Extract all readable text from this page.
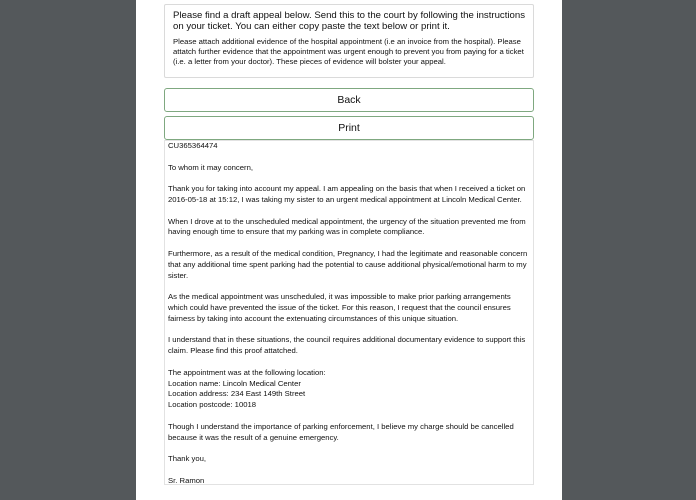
Please find a draft appeal below. Send this to the court by following the instructions on your ticket. You can either copy paste the text below or print it.

Please attach additional evidence of the hospital appointment (i.e an invoice from the hospital). Please attatch further evidence that the appointment was urgent enough to prevent you from paying for a ticket (i.e. a letter from your doctor). These pieces of evidence will bolster your appeal.

Back
Print

CU365364474

To whom it may concern,

Thank you for taking into account my appeal. I am appealing on the basis that when I received a ticket on 2016-05-18 at 15:12, I was taking my sister to an urgent medical appointment at Lincoln Medical Center.

When I drove at to the unscheduled medical appointment, the urgency of the situation prevented me from having enough time to ensure that my parking was in complete compliance.

Furthermore, as a result of the medical condition, Pregnancy, I had the legitimate and reasonable concern that any additional time spent parking had the potential to cause additional physical/emotional harm to my sister.

As the medical appointment was unscheduled, it was impossible to make prior parking arrangements which could have prevented the issue of the ticket. For this reason, I request that the council ensures fairness by taking into account the extenuating circumstances of this unique situation.

I understand that in these situations, the council requires additional documentary evidence to support this claim. Please find this proof attatched.

The appointment was at the following location:
Location name: Lincoln Medical Center
Location address: 234 East 149th Street
Location postcode: 10018

Though I understand the importance of parking enforcement, I believe my charge should be cancelled because it was the result of a genuine emergency.

Thank you,

Sr. Ramon
